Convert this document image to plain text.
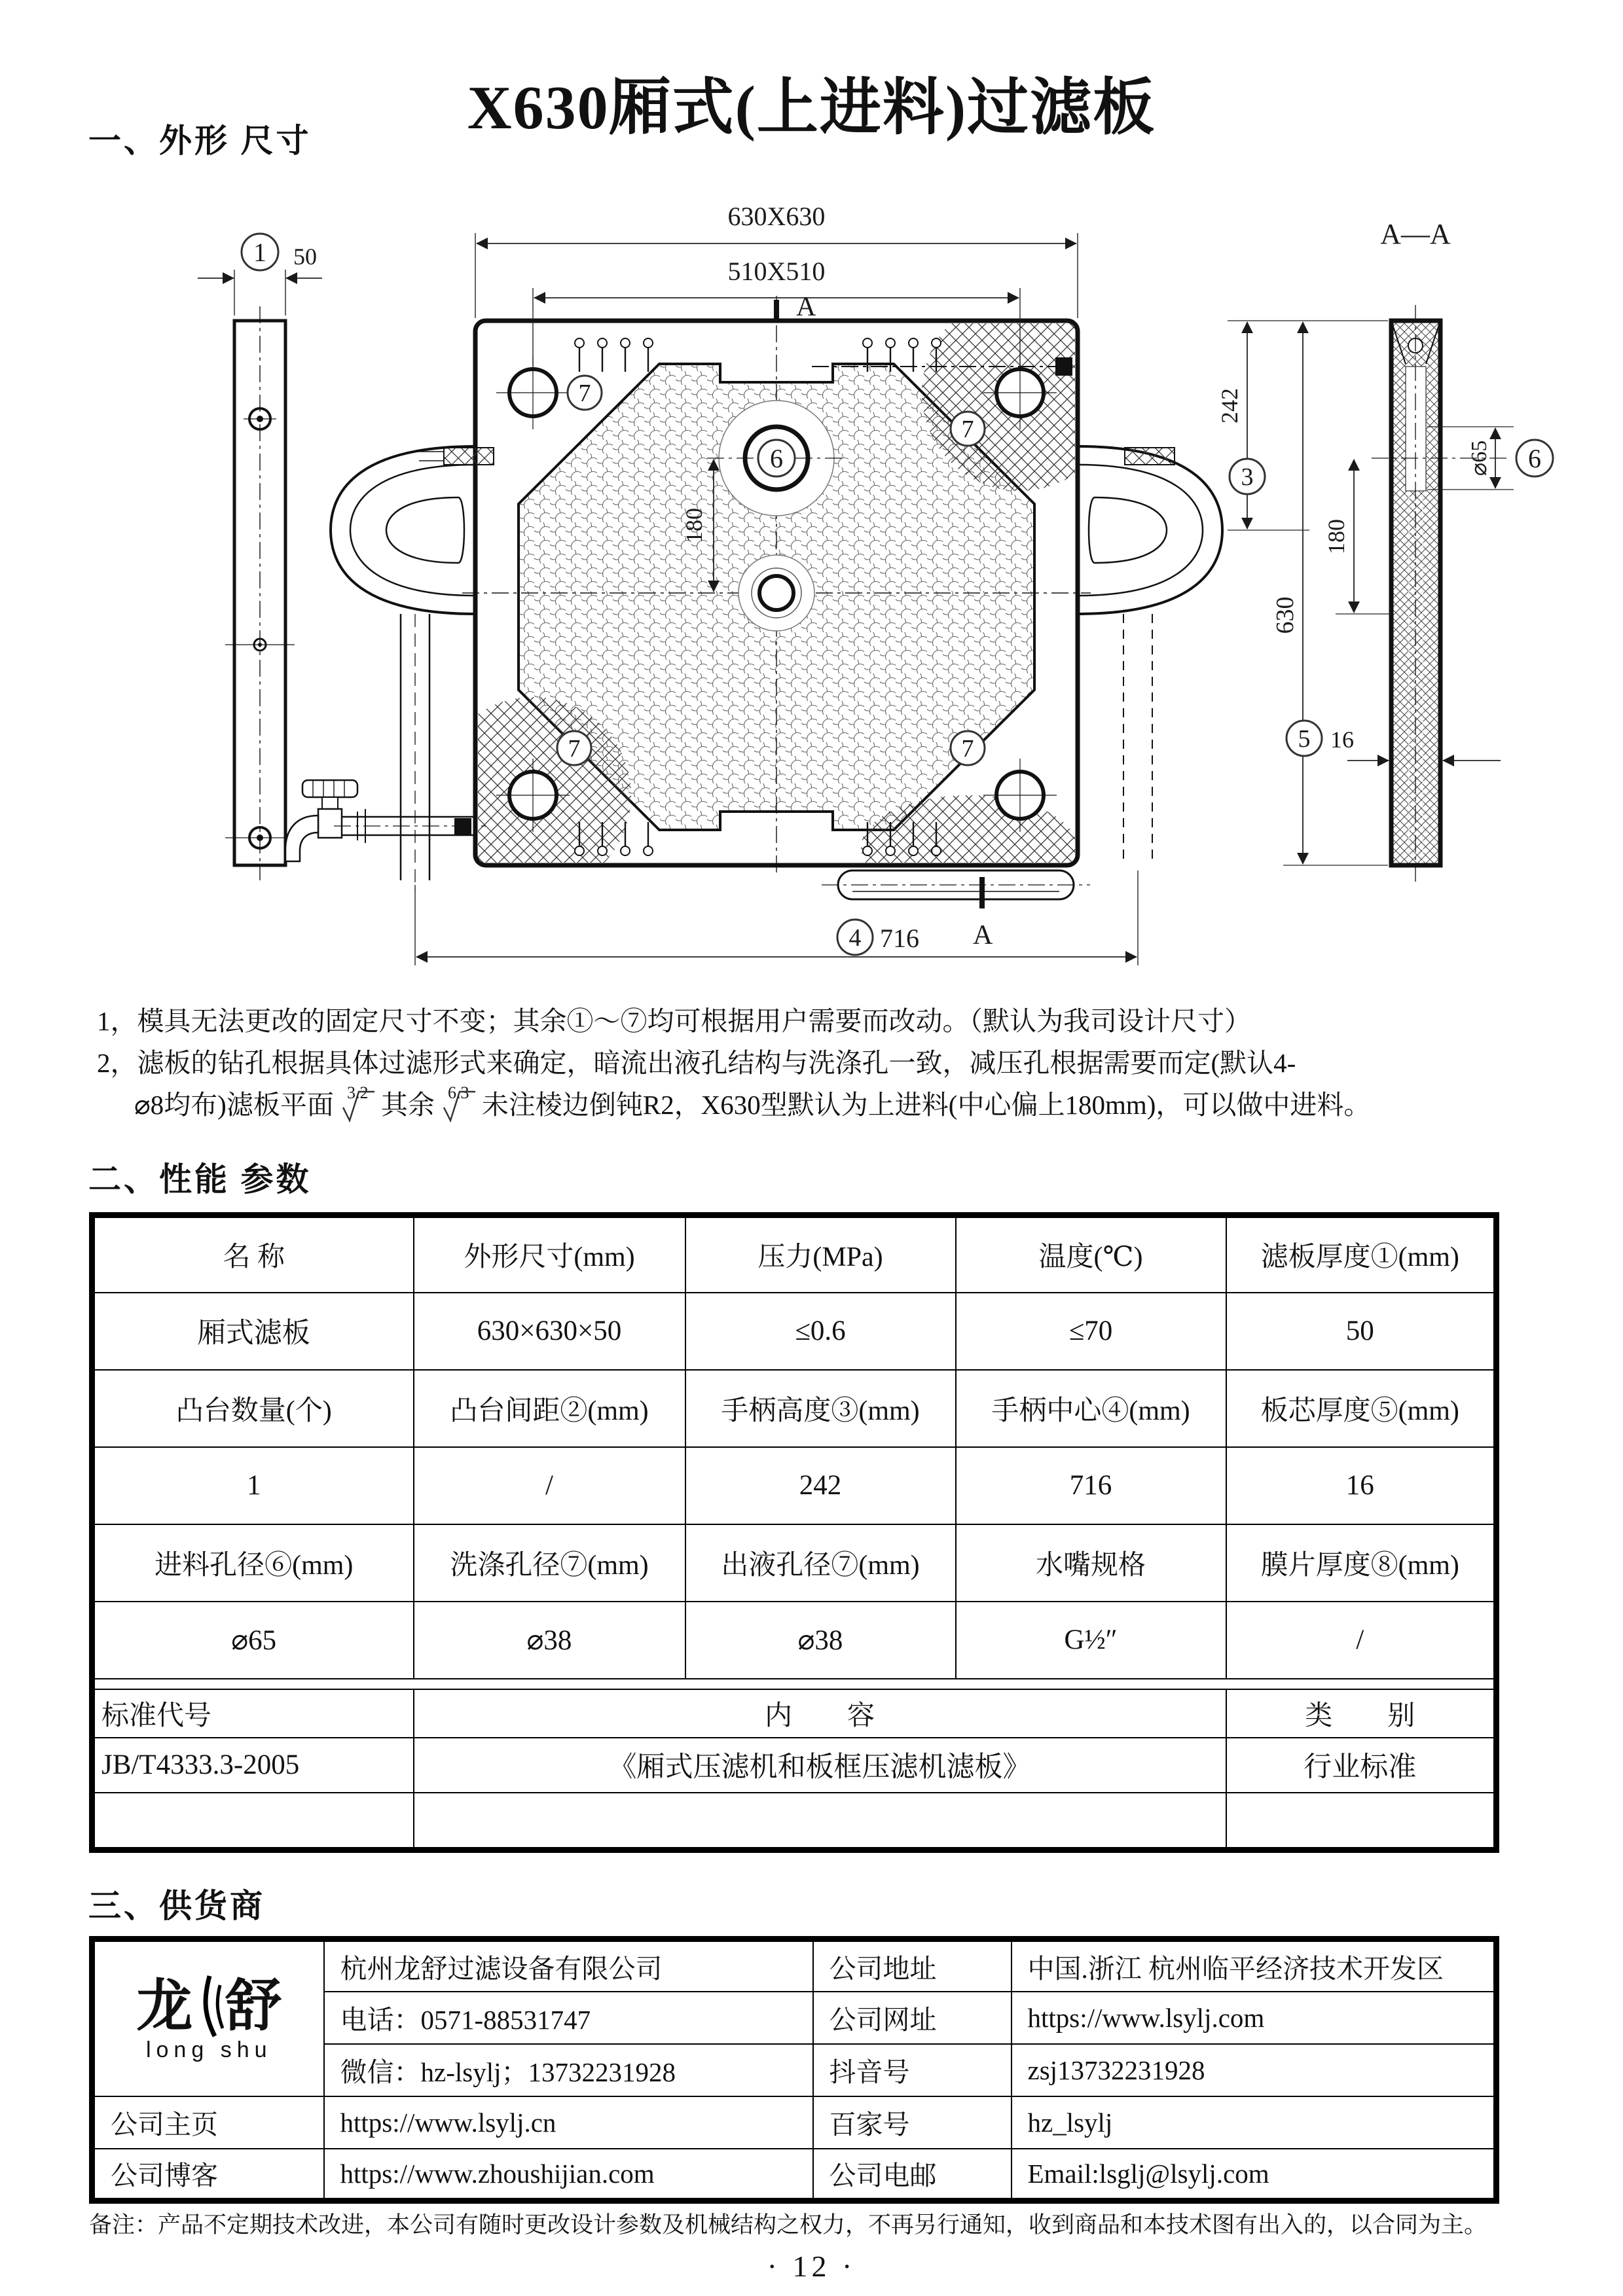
X630厢式(上进料)过滤板
一、外形 尺寸
1 50
7
7
7	7
6
630X630
510X510
A
180
4 716 A
A—A
242
3
630
180
⌀65 6
5 16
1，模具无法更改的固定尺寸不变；其余①～⑦均可根据用户需要而改动。（默认为我司设计尺寸）
2，滤板的钻孔根据具体过滤形式来确定，暗流出液孔结构与洗涤孔一致，减压孔根据需要而定(默认4-

⌀8均布)滤板平面 3.2 其余 6.3 未注棱边倒钝R2，X630型默认为上进料(中心偏上180mm)，可以做中进料。
二、性能 参数
名 称	外形尺寸(mm)	压力(MPa)	温度(℃)	滤板厚度①(mm)
厢式滤板	630×630×50	≤0.6	≤70	50
凸台数量(个)	凸台间距②(mm)	手柄高度③(mm)	手柄中心④(mm)	板芯厚度⑤(mm)
1	/	242	716	16
进料孔径⑥(mm)	洗涤孔径⑦(mm)	出液孔径⑦(mm)	水嘴规格	膜片厚度⑧(mm)
⌀65	⌀38	⌀38	G½″	/

标准代号	内　　容			类　　别
JB/T4333.3-2005	《厢式压滤机和板框压滤机滤板》			行业标准

三、供货商
龙 舒
long shu	杭州龙舒过滤设备有限公司	公司地址	中国.浙江 杭州临平经济技术开发区
	电话：0571-88531747	公司网址	https://www.lsylj.com
	微信：hz-lsylj；13732231928	抖音号	zsj13732231928
公司主页	https://www.lsylj.cn	百家号	hz_lsylj
公司博客	https://www.zhoushijian.com	公司电邮	Email:lsglj@lsylj.com
备注：产品不定期技术改进，本公司有随时更改设计参数及机械结构之权力，不再另行通知，收到商品和本技术图有出入的，以合同为主。
· 12 ·
